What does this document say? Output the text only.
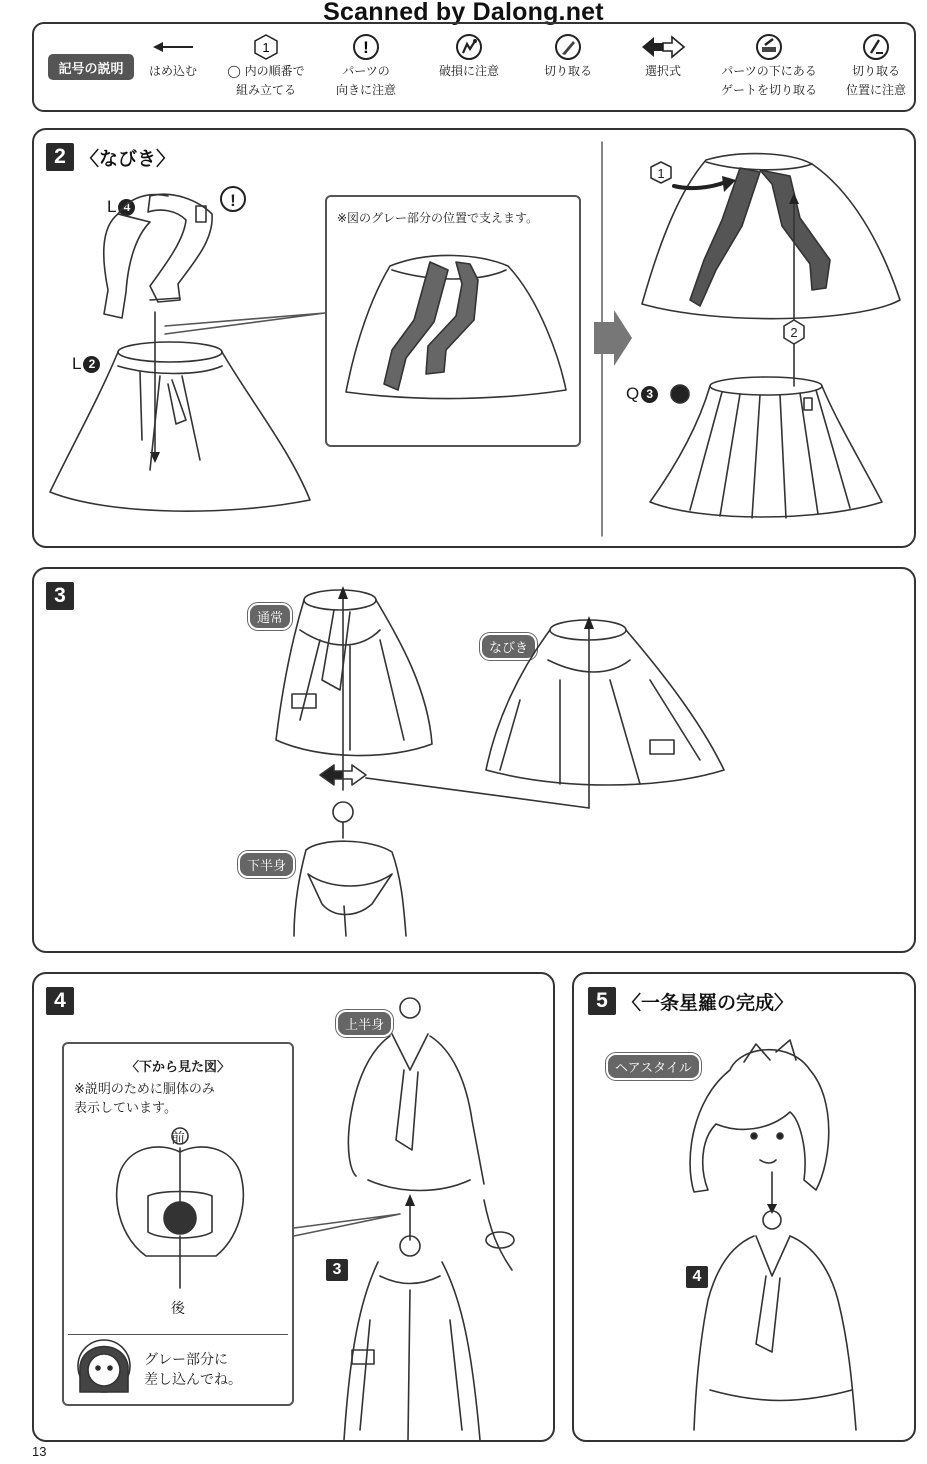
Scanned by Dalong.net
記号の説明	はめ込む
1
◯ 内の順番で
組み立てる
!
パーツの
向きに注意
破損に注意	切り取る	選択式	パーツの下にある
ゲートを切り取る
切り取る
位置に注意
2 〈なびき〉
L 4
L 2
Q 3
※図のグレー部分の位置で支えます。
3
通常
なびき
下半身
4
〈下から見た図〉
※説明のために胴体のみ
表示しています。
前
後
グレー部分に
差し込んでね。
上半身
3
5 〈一条星羅の完成〉
ヘアスタイル
4
13
!
1
2
